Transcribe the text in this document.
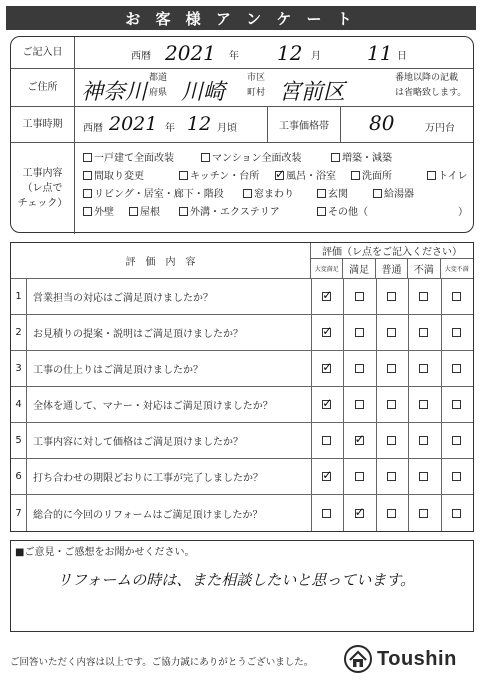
お 客 様 ア ン ケ ー ト
ご記入日	西暦 2021 年 12 月 11 日
ご住所	神奈川
都道
府県 川崎
市区
町村 宮前区
番地以降の記載
は省略致します。
工事時期	西暦 2021 年 12 月頃	工事価格帯	80	万円台
工事内容
（レ点で
チェック）
一戸建て全面改装	マンション全面改装	増築・減築
間取り変更	キッチン・台所
✓	風呂・浴室	洗面所	トイレ
リビング・居室・廊下・階段	窓まわり	玄関	給湯器
外壁	屋根	外溝・エクステリア	その他（　　　　　　　　　）
評　価　内　容
評価（レ点をご記入ください）
大変満足	満足	普通	不満	大変不満
1	営業担当の対応はご満足頂けましたか？
✓
2	お見積りの提案・説明はご満足頂けましたか？
✓
3	工事の仕上りはご満足頂けましたか？
✓
4	全体を通して、マナー・対応はご満足頂けましたか？
✓
5	工事内容に対して価格はご満足頂けましたか？
✓
6	打ち合わせの期限どおりに工事が完了しましたか？
✓
7	総合的に今回のリフォームはご満足頂けましたか？
✓
■ご意見・ご感想をお聞かせください。
リフォームの時は、また相談したいと思っています。
ご回答いただく内容は以上です。ご協力誠にありがとうございました。	Toushin
